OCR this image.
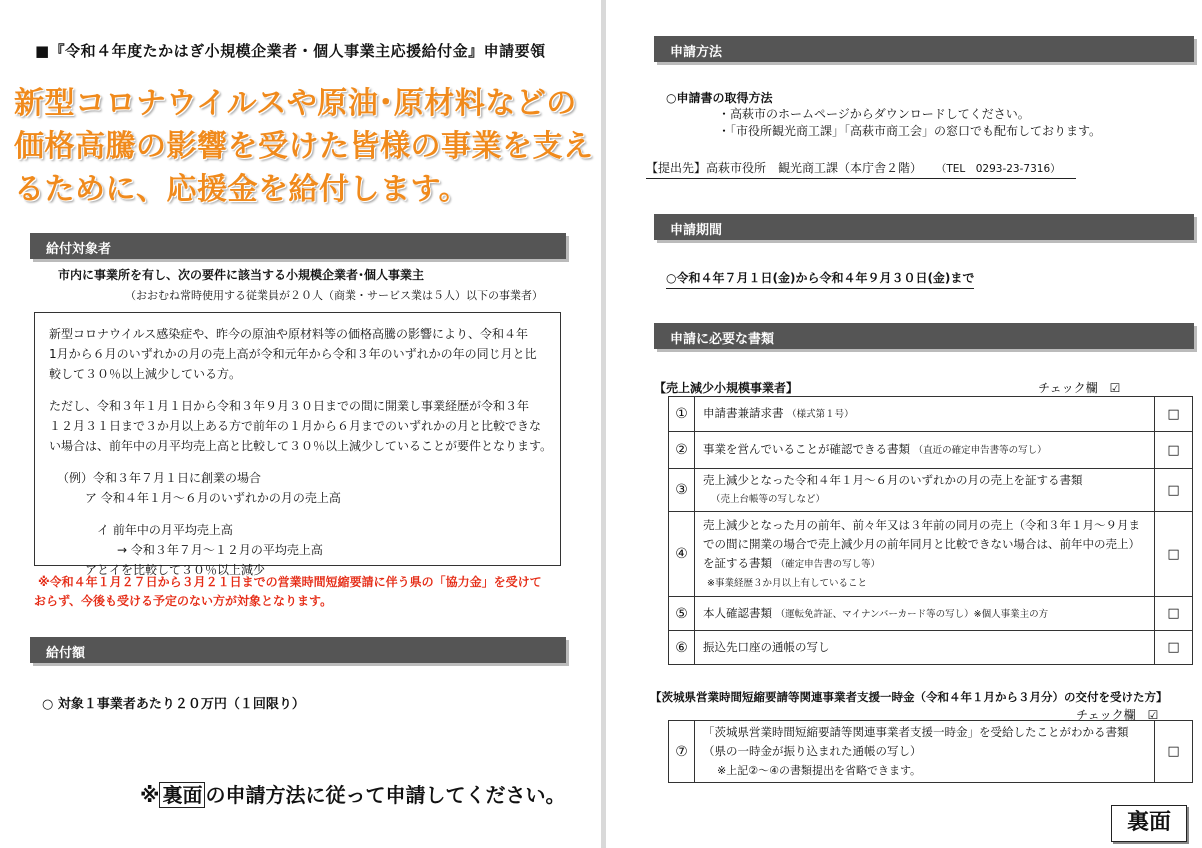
■『令和４年度たかはぎ小規模企業者・個人事業主応援給付金』申請要領
新型コロナウイルスや原油･原材料などの価格高騰の影響を受けた皆様の事業を支えるために、応援金を給付します。
給付対象者
市内に事業所を有し、次の要件に該当する小規模企業者･個人事業主
（おおむね常時使用する従業員が２０人（商業・サービス業は５人）以下の事業者）

新型コロナウイルス感染症や、昨今の原油や原材料等の価格高騰の影響により、令和４年

1月から６月のいずれかの月の売上高が令和元年から令和３年のいずれかの年の同じ月と比

較して３０％以上減少している方。

ただし、令和３年１月１日から令和３年９月３０日までの間に開業し事業経歴が令和３年

１２月３１日まで３か月以上ある方で前年の１月から６月までのいずれかの月と比較できな

い場合は、前年中の月平均売上高と比較して３０％以上減少していることが要件となります。

（例）令和３年７月１日に創業の場合

ア 令和４年１月～６月のいずれかの月の売上高

イ 前年中の月平均売上高

→ 令和３年７月～１２月の平均売上高

アとイを比較して３０％以上減少

※令和４年１月２７日から３月２１日までの営業時間短縮要請に伴う県の「協力金」を受けて
おらず、今後も受ける予定のない方が対象となります。
給付額
○ 対象１事業者あたり２０万円（１回限り）
※ 裏面 の申請方法に従って申請してください。
申請方法
○申請書の取得方法
・高萩市のホームページからダウンロードしてください。
・「市役所観光商工課」「高萩市商工会」の窓口でも配布しております。
【提出先】高萩市役所　観光商工課（本庁舎２階） （TEL　0293-23-7316）
申請期間
○令和４年７月１日(金)から令和４年９月３０日(金)まで
申請に必要な書類
【売上減少小規模事業者】	チェック欄　☑
①	申請書兼請求書 （様式第１号）	□
②	事業を営んでいることが確認できる書類 （直近の確定申告書等の写し）	□
③	売上減少となった令和４年１月～６月のいずれかの月の売上を証する書類
（売上台帳等の写しなど）	□
④	売上減少となった月の前年、前々年又は３年前の同月の売上（令和３年１月～９月までの間に開業の場合で売上減少月の前年同月と比較できない場合は、前年中の売上）を証する書類 （確定申告書の写し等）
※事業経歴３か月以上有していること	□
⑤	本人確認書類 （運転免許証、マイナンバーカード等の写し）※個人事業主の方	□
⑥	振込先口座の通帳の写し	□
【茨城県営業時間短縮要請等関連事業者支援一時金（令和４年１月から３月分）の交付を受けた方】
チェック欄　☑
⑦	
「茨城県営業時間短縮要請等関連事業者支援一時金」を受給したことがわかる書類
（県の一時金が振り込まれた通帳の写し）
※上記②～④の書類提出を省略できます。
	□
裏面
